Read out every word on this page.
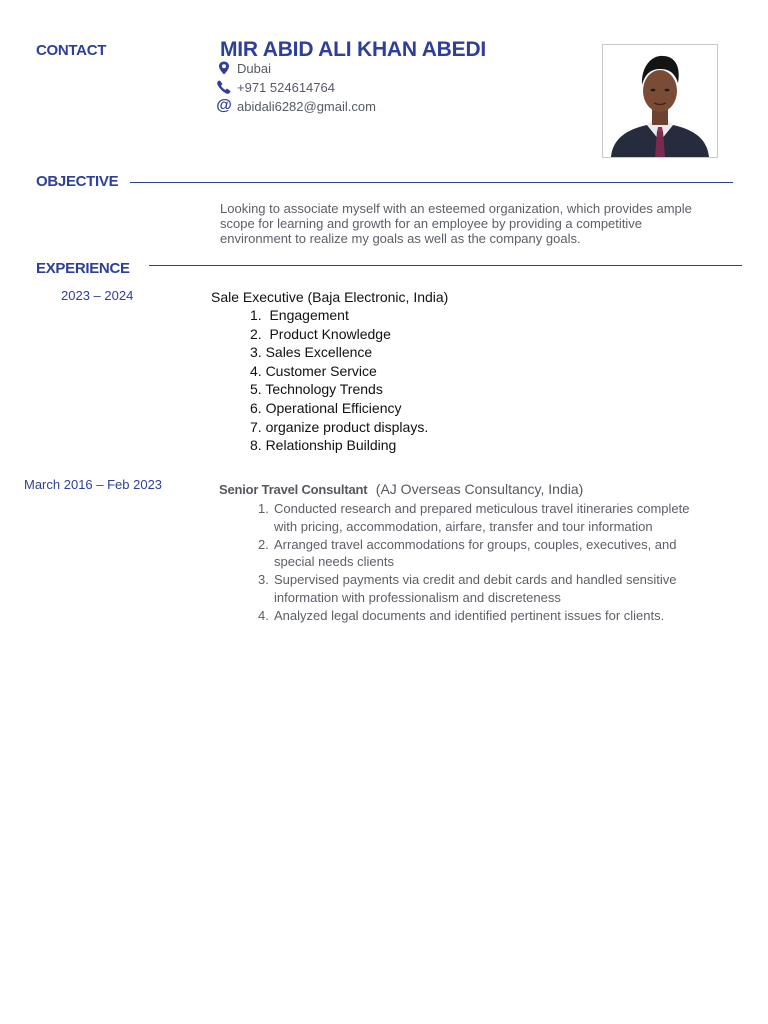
CONTACT	MIR ABID ALI KHAN ABEDI
Dubai
+971 524614764
@ abidali6282@gmail.com
OBJECTIVE
Looking to associate myself with an esteemed organization, which provides ample scope for learning and growth for an employee by providing a competitive environment to realize my goals as well as the company goals.
EXPERIENCE
2023 – 2024	Sale Executive (Baja Electronic, India)
1.  Engagement
2.  Product Knowledge
3. Sales Excellence
4. Customer Service
5. Technology Trends
6. Operational Efficiency
7. organize product displays.
8. Relationship Building
March 2016 – Feb 2023	Senior Travel Consultant (AJ Overseas Consultancy, India)
1. Conducted research and prepared meticulous travel itineraries complete with pricing, accommodation, airfare, transfer and tour information
2. Arranged travel accommodations for groups, couples, executives, and special needs clients
3. Supervised payments via credit and debit cards and handled sensitive information with professionalism and discreteness
4. Analyzed legal documents and identified pertinent issues for clients.
